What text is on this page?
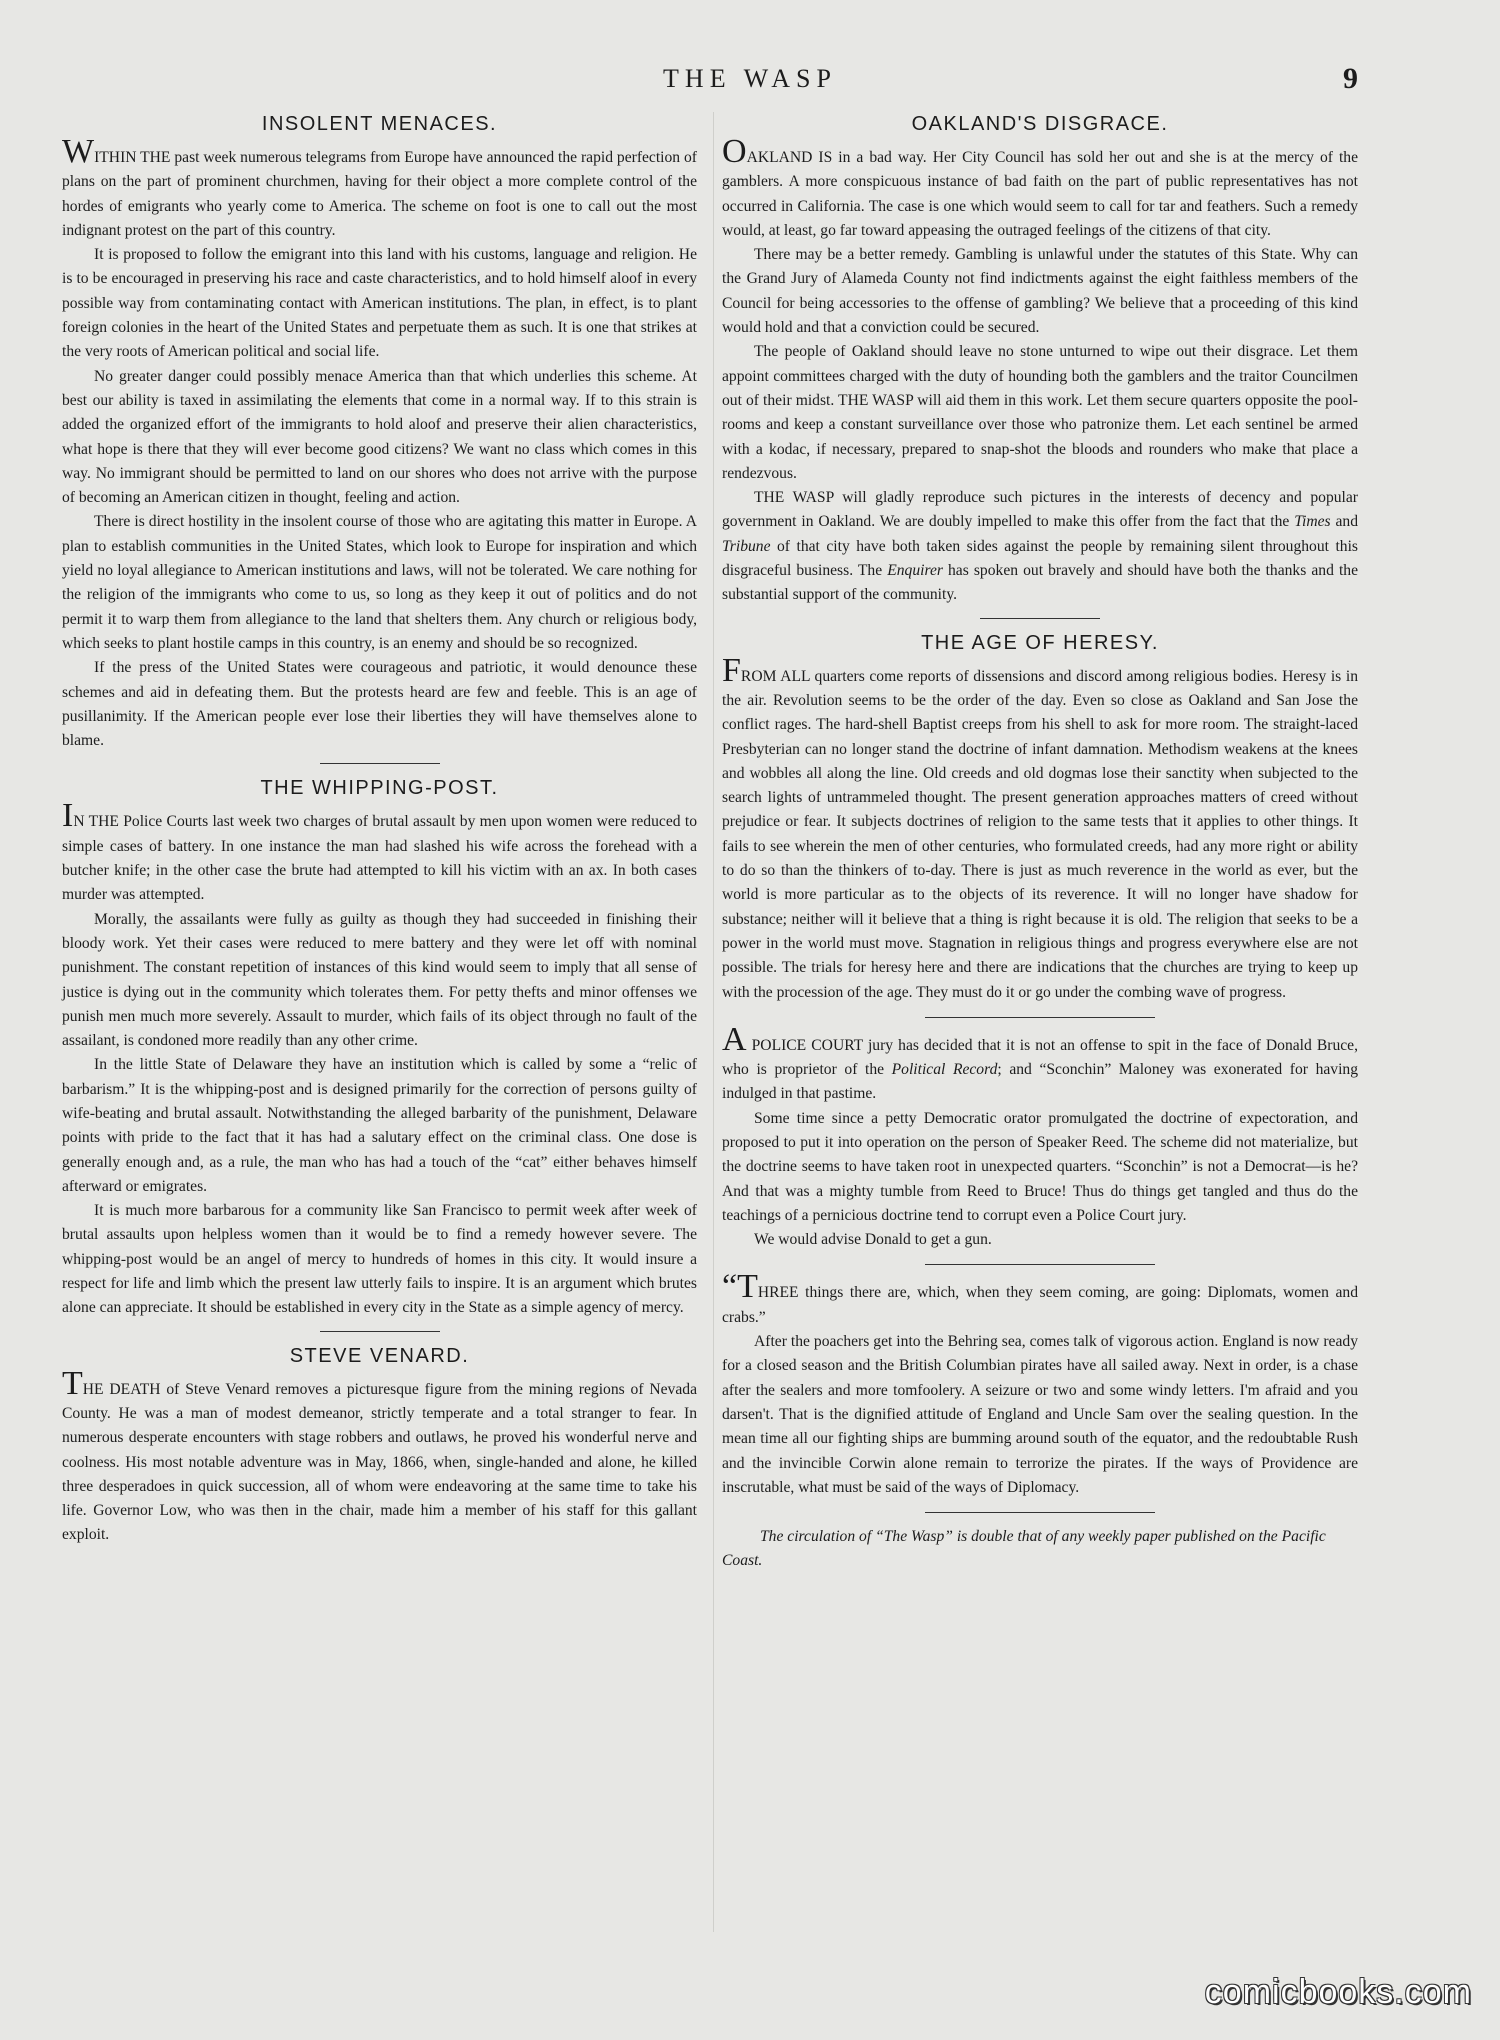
THE WASP	9
INSOLENT MENACES.

WITHIN THE past week numerous telegrams from Europe have announced the rapid perfection of plans on the part of prominent churchmen, having for their object a more complete control of the hordes of emigrants who yearly come to America. The scheme on foot is one to call out the most indignant protest on the part of this country.

It is proposed to follow the emigrant into this land with his customs, language and religion. He is to be encouraged in preserving his race and caste characteristics, and to hold himself aloof in every possible way from contaminating contact with American institutions. The plan, in effect, is to plant foreign colonies in the heart of the United States and perpetuate them as such. It is one that strikes at the very roots of American political and social life.

No greater danger could possibly menace America than that which underlies this scheme. At best our ability is taxed in assimilating the elements that come in a normal way. If to this strain is added the organized effort of the immigrants to hold aloof and preserve their alien characteristics, what hope is there that they will ever become good citizens? We want no class which comes in this way. No immigrant should be permitted to land on our shores who does not arrive with the purpose of becoming an American citizen in thought, feeling and action.

There is direct hostility in the insolent course of those who are agitating this matter in Europe. A plan to establish communities in the United States, which look to Europe for inspiration and which yield no loyal allegiance to American institutions and laws, will not be tolerated. We care nothing for the religion of the immigrants who come to us, so long as they keep it out of politics and do not permit it to warp them from allegiance to the land that shelters them. Any church or religious body, which seeks to plant hostile camps in this country, is an enemy and should be so recognized.

If the press of the United States were courageous and patriotic, it would denounce these schemes and aid in defeating them. But the protests heard are few and feeble. This is an age of pusillanimity. If the American people ever lose their liberties they will have themselves alone to blame.

THE WHIPPING-POST.

IN THE Police Courts last week two charges of brutal assault by men upon women were reduced to simple cases of battery. In one instance the man had slashed his wife across the forehead with a butcher knife; in the other case the brute had attempted to kill his victim with an ax. In both cases murder was attempted.

Morally, the assailants were fully as guilty as though they had succeeded in finishing their bloody work. Yet their cases were reduced to mere battery and they were let off with nominal punishment. The constant repetition of instances of this kind would seem to imply that all sense of justice is dying out in the community which tolerates them. For petty thefts and minor offenses we punish men much more severely. Assault to murder, which fails of its object through no fault of the assailant, is condoned more readily than any other crime.

In the little State of Delaware they have an institution which is called by some a “relic of barbarism.” It is the whipping-post and is designed primarily for the correction of persons guilty of wife-beating and brutal assault. Notwithstanding the alleged barbarity of the punishment, Delaware points with pride to the fact that it has had a salutary effect on the criminal class. One dose is generally enough and, as a rule, the man who has had a touch of the “cat” either behaves himself afterward or emigrates.

It is much more barbarous for a community like San Francisco to permit week after week of brutal assaults upon helpless women than it would be to find a remedy however severe. The whipping-post would be an angel of mercy to hundreds of homes in this city. It would insure a respect for life and limb which the present law utterly fails to inspire. It is an argument which brutes alone can appreciate. It should be established in every city in the State as a simple agency of mercy.

STEVE VENARD.

THE DEATH of Steve Venard removes a picturesque figure from the mining regions of Nevada County. He was a man of modest demeanor, strictly temperate and a total stranger to fear. In numerous desperate encounters with stage robbers and outlaws, he proved his wonderful nerve and coolness. His most notable adventure was in May, 1866, when, single-handed and alone, he killed three desperadoes in quick succession, all of whom were endeavoring at the same time to take his life. Governor Low, who was then in the chair, made him a member of his staff for this gallant exploit.

OAKLAND'S DISGRACE.

OAKLAND IS in a bad way. Her City Council has sold her out and she is at the mercy of the gamblers. A more conspicuous instance of bad faith on the part of public representatives has not occurred in California. The case is one which would seem to call for tar and feathers. Such a remedy would, at least, go far toward appeasing the outraged feelings of the citizens of that city.

There may be a better remedy. Gambling is unlawful under the statutes of this State. Why can the Grand Jury of Alameda County not find indictments against the eight faithless members of the Council for being accessories to the offense of gambling? We believe that a proceeding of this kind would hold and that a conviction could be secured.

The people of Oakland should leave no stone unturned to wipe out their disgrace. Let them appoint committees charged with the duty of hounding both the gamblers and the traitor Councilmen out of their midst. THE WASP will aid them in this work. Let them secure quarters opposite the pool-rooms and keep a constant surveillance over those who patronize them. Let each sentinel be armed with a kodac, if necessary, prepared to snap-shot the bloods and rounders who make that place a rendezvous.

THE WASP will gladly reproduce such pictures in the interests of decency and popular government in Oakland. We are doubly impelled to make this offer from the fact that the Times and Tribune of that city have both taken sides against the people by remaining silent throughout this disgraceful business. The Enquirer has spoken out bravely and should have both the thanks and the substantial support of the community.

THE AGE OF HERESY.

FROM ALL quarters come reports of dissensions and discord among religious bodies. Heresy is in the air. Revolution seems to be the order of the day. Even so close as Oakland and San Jose the conflict rages. The hard-shell Baptist creeps from his shell to ask for more room. The straight-laced Presbyterian can no longer stand the doctrine of infant damnation. Methodism weakens at the knees and wobbles all along the line. Old creeds and old dogmas lose their sanctity when subjected to the search lights of untrammeled thought. The present generation approaches matters of creed without prejudice or fear. It subjects doctrines of religion to the same tests that it applies to other things. It fails to see wherein the men of other centuries, who formulated creeds, had any more right or ability to do so than the thinkers of to-day. There is just as much reverence in the world as ever, but the world is more particular as to the objects of its reverence. It will no longer have shadow for substance; neither will it believe that a thing is right because it is old. The religion that seeks to be a power in the world must move. Stagnation in religious things and progress everywhere else are not possible. The trials for heresy here and there are indications that the churches are trying to keep up with the procession of the age. They must do it or go under the combing wave of progress.

A POLICE COURT jury has decided that it is not an offense to spit in the face of Donald Bruce, who is proprietor of the Political Record; and “Sconchin” Maloney was exonerated for having indulged in that pastime.

Some time since a petty Democratic orator promulgated the doctrine of expectoration, and proposed to put it into operation on the person of Speaker Reed. The scheme did not materialize, but the doctrine seems to have taken root in unexpected quarters. “Sconchin” is not a Democrat—is he? And that was a mighty tumble from Reed to Bruce! Thus do things get tangled and thus do the teachings of a pernicious doctrine tend to corrupt even a Police Court jury.

We would advise Donald to get a gun.

“THREE things there are, which, when they seem coming, are going: Diplomats, women and crabs.”

After the poachers get into the Behring sea, comes talk of vigorous action. England is now ready for a closed season and the British Columbian pirates have all sailed away. Next in order, is a chase after the sealers and more tomfoolery. A seizure or two and some windy letters. I'm afraid and you darsen't. That is the dignified attitude of England and Uncle Sam over the sealing question. In the mean time all our fighting ships are bumming around south of the equator, and the redoubtable Rush and the invincible Corwin alone remain to terrorize the pirates. If the ways of Providence are inscrutable, what must be said of the ways of Diplomacy.

The circulation of “The Wasp” is double that of any weekly paper published on the Pacific Coast.

comicbooks.com
